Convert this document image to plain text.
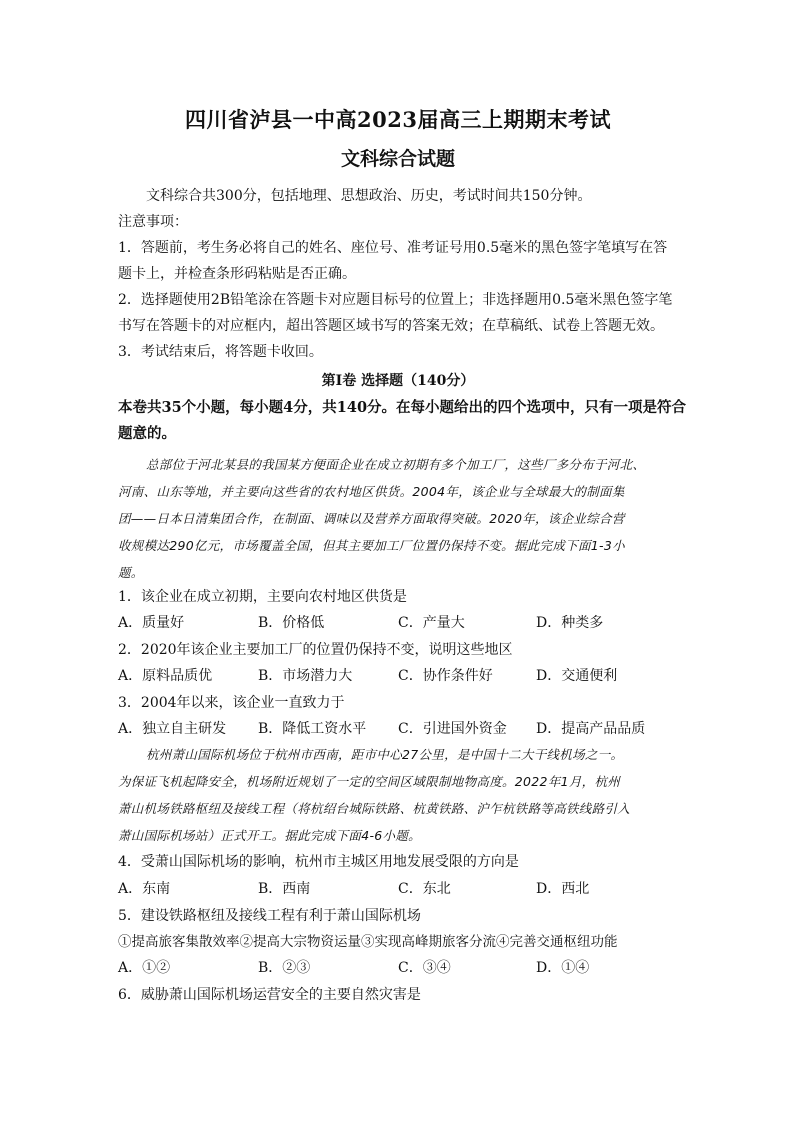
四川省泸县一中高2023届高三上期期末考试
文科综合试题
文科综合共300分，包括地理、思想政治、历史，考试时间共150分钟。
注意事项：
1．答题前，考生务必将自己的姓名、座位号、准考证号用0.5毫米的黑色签字笔填写在答
题卡上，并检查条形码粘贴是否正确。
2．选择题使用2B铅笔涂在答题卡对应题目标号的位置上；非选择题用0.5毫米黑色签字笔
书写在答题卡的对应框内，超出答题区域书写的答案无效；在草稿纸、试卷上答题无效。
3．考试结束后，将答题卡收回。
第Ⅰ卷 选择题（140分）
本卷共35个小题，每小题4分，共140分。在每小题给出的四个选项中，只有一项是符合
题意的。
总部位于河北某县的我国某方便面企业在成立初期有多个加工厂，这些厂多分布于河北、
河南、山东等地，并主要向这些省的农村地区供货。2004年，该企业与全球最大的制面集
团——日本日清集团合作，在制面、调味以及营养方面取得突破。2020年，该企业综合营
收规模达290亿元，市场覆盖全国，但其主要加工厂位置仍保持不变。据此完成下面1-3小
题。
1．该企业在成立初期，主要向农村地区供货是
A．质量好	B．价格低	C．产量大	D．种类多
2．2020年该企业主要加工厂的位置仍保持不变，说明这些地区
A．原料品质优	B．市场潜力大	C．协作条件好	D．交通便利
3．2004年以来，该企业一直致力于
A．独立自主研发 B．降低工资水平 C．引进国外资金 D．提高产品品质
杭州萧山国际机场位于杭州市西南，距市中心27公里，是中国十二大干线机场之一。
为保证飞机起降安全，机场附近规划了一定的空间区域限制地物高度。2022年1月，杭州
萧山机场铁路枢纽及接线工程（将杭绍台城际铁路、杭黄铁路、沪乍杭铁路等高铁线路引入
萧山国际机场站）正式开工。据此完成下面4-6小题。
4．受萧山国际机场的影响，杭州市主城区用地发展受限的方向是
A．东南	B．西南	C．东北	D．西北
5．建设铁路枢纽及接线工程有利于萧山国际机场
①提高旅客集散效率②提高大宗物资运量③实现高峰期旅客分流④完善交通枢纽功能
A．①②	B．②③	C．③④	D．①④
6．威胁萧山国际机场运营安全的主要自然灾害是
